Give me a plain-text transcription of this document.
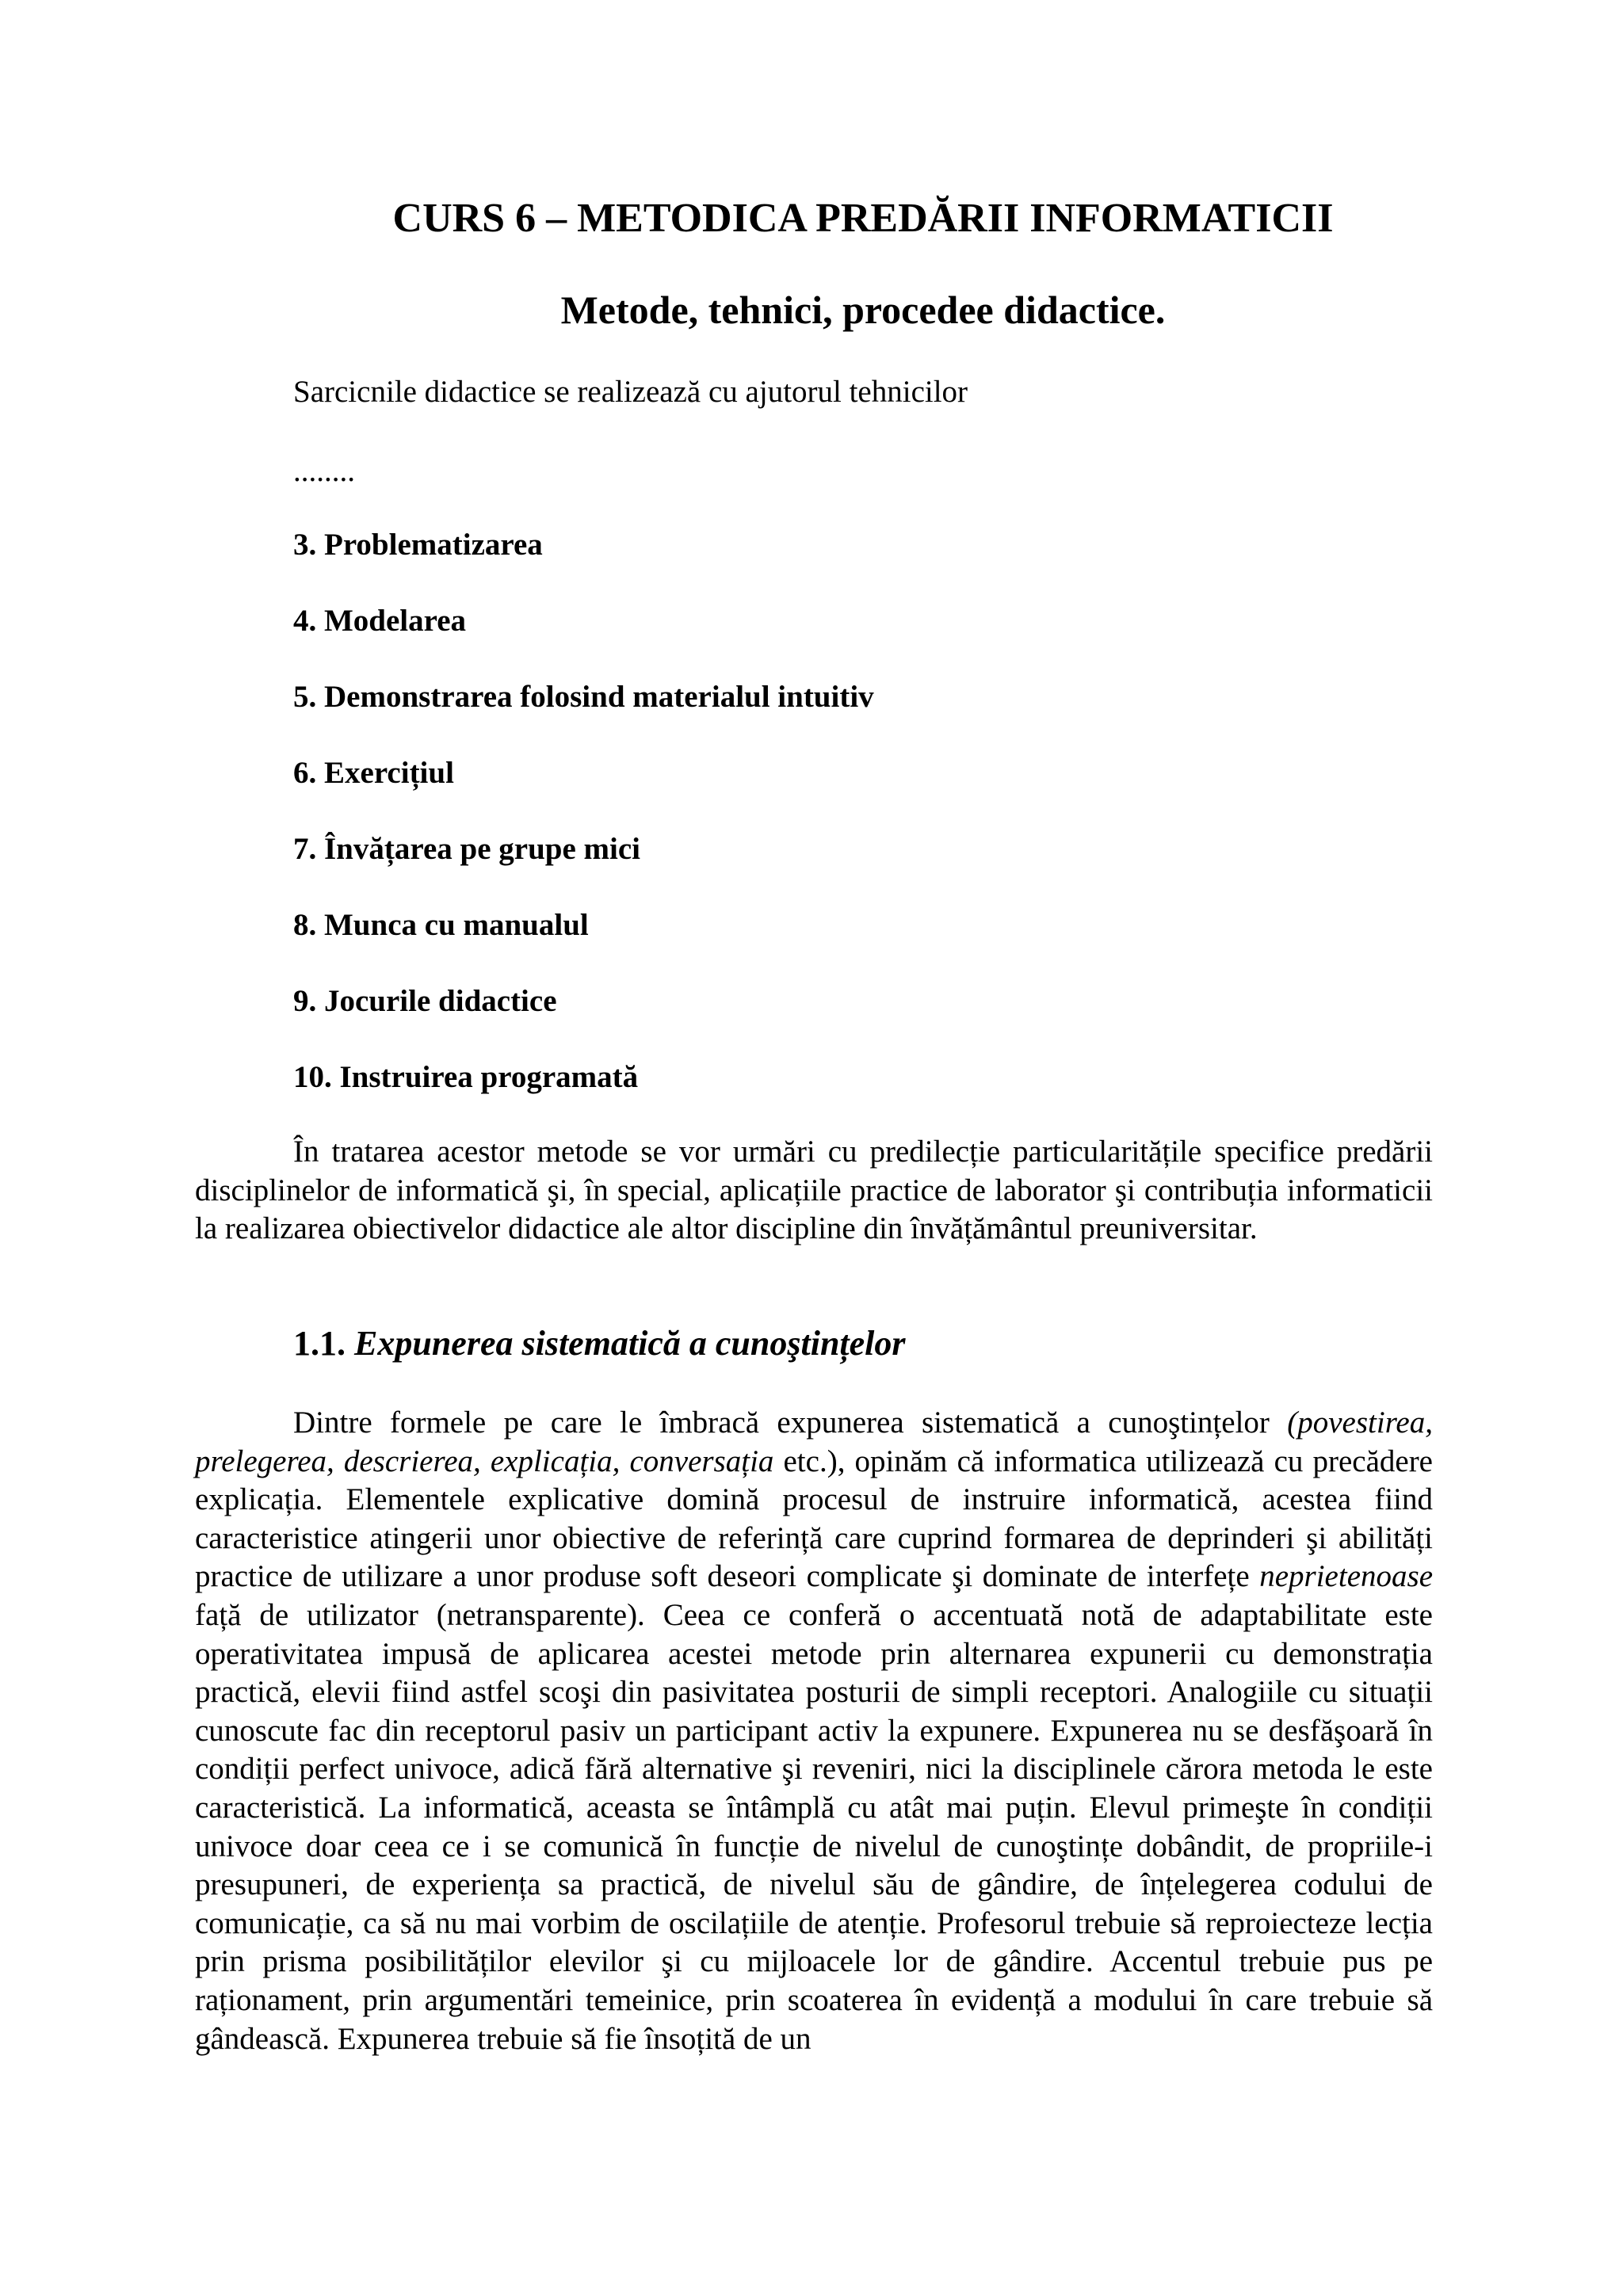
CURS 6 – METODICA PREDĂRII INFORMATICII
Metode, tehnici, procedee didactice.

Sarcicnile didactice se realizează cu ajutorul tehnicilor

........

3. Problematizarea

4. Modelarea

5. Demonstrarea folosind materialul intuitiv

6. Exercițiul

7. Învățarea pe grupe mici

8. Munca cu manualul

9. Jocurile didactice

10. Instruirea programată

În tratarea acestor metode se vor urmări cu predilecție particularitățile specifice predării disciplinelor de informatică şi, în special, aplicațiile practice de laborator şi contribuția informaticii la realizarea obiectivelor didactice ale altor discipline din învățământul preuniversitar.

1.1. Expunerea sistematică a cunoştințelor

Dintre formele pe care le îmbracă expunerea sistematică a cunoştințelor (povestirea, prelegerea, descrierea, explicația, conversația etc.), opinăm că informatica utilizează cu precădere explicația. Elementele explicative domină procesul de instruire informatică, acestea fiind caracteristice atingerii unor obiective de referință care cuprind formarea de deprinderi şi abilități practice de utilizare a unor produse soft deseori complicate şi dominate de interfețe neprietenoase față de utilizator (netransparente). Ceea ce conferă o accentuată notă de adaptabilitate este operativitatea impusă de aplicarea acestei metode prin alternarea expunerii cu demonstrația practică, elevii fiind astfel scoşi din pasivitatea posturii de simpli receptori. Analogiile cu situații cunoscute fac din receptorul pasiv un participant activ la expunere. Expunerea nu se desfăşoară în condiții perfect univoce, adică fără alternative şi reveniri, nici la disciplinele cărora metoda le este caracteristică. La informatică, aceasta se întâmplă cu atât mai puțin. Elevul primeşte în condiții univoce doar ceea ce i se comunică în funcție de nivelul de cunoştințe dobândit, de propriile-i presupuneri, de experiența sa practică, de nivelul său de gândire, de înțelegerea codului de comunicație, ca să nu mai vorbim de oscilațiile de atenție. Profesorul trebuie să reproiecteze lecția prin prisma posibilităților elevilor şi cu mijloacele lor de gândire. Accentul trebuie pus pe raționament, prin argumentări temeinice, prin scoaterea în evidență a modului în care trebuie să gândească. Expunerea trebuie să fie însoțită de un
